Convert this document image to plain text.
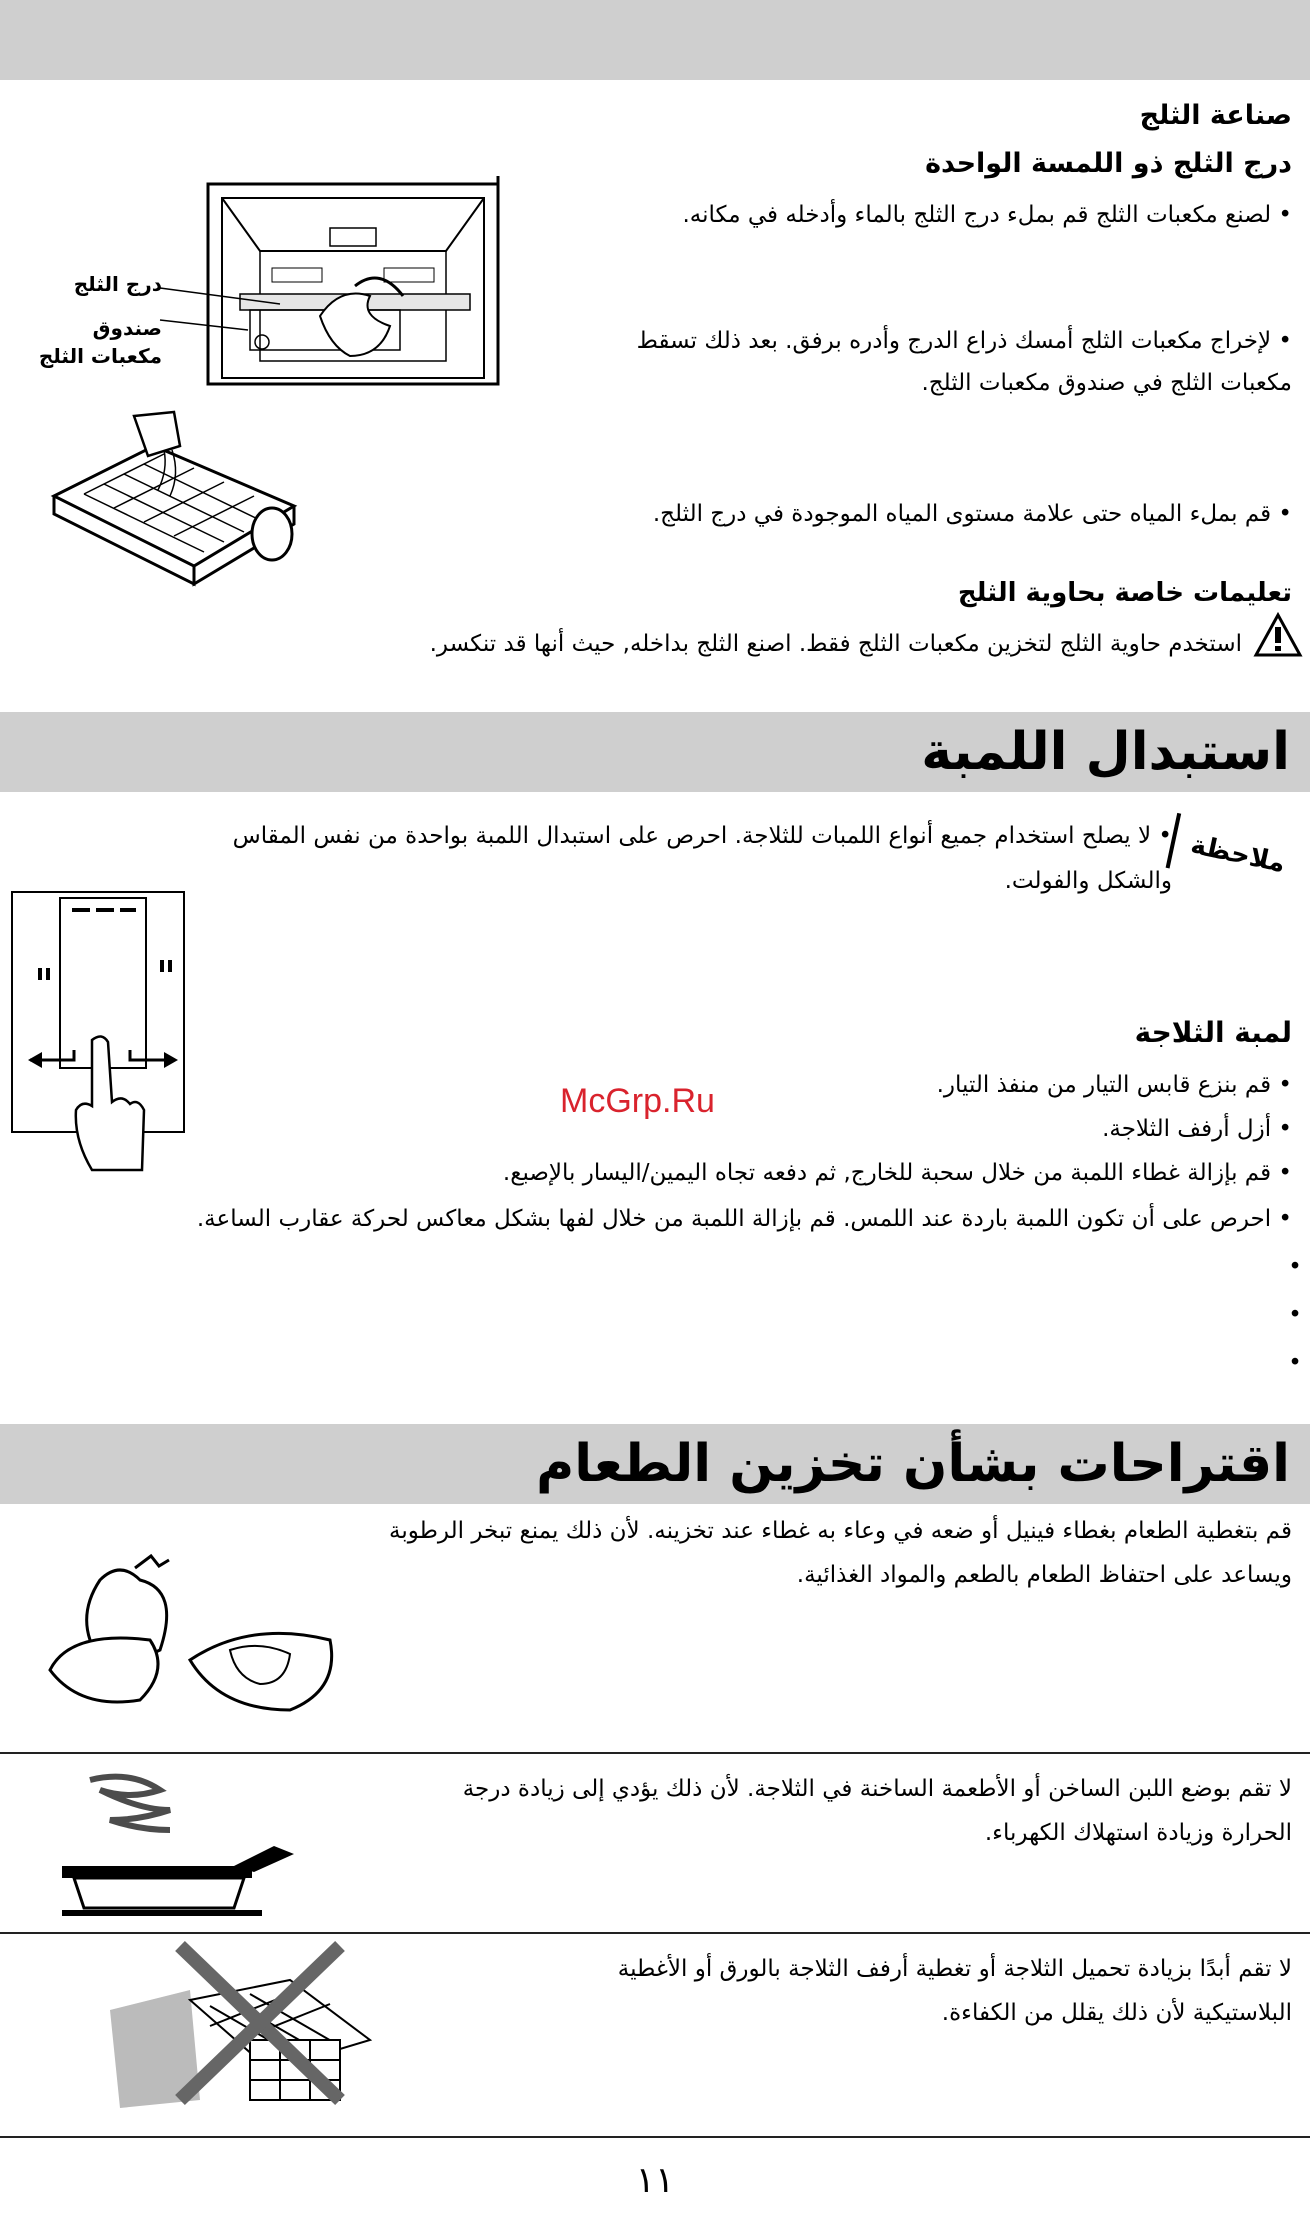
صناعة الثلج
درج الثلج ذو اللمسة الواحدة
• لصنع مكعبات الثلج قم بملء درج الثلج بالماء وأدخله في مكانه.
• لإخراج مكعبات الثلج أمسك ذراع الدرج وأدره برفق. بعد ذلك تسقط
مكعبات الثلج في صندوق مكعبات الثلج.
• قم بملء المياه حتى علامة مستوى المياه الموجودة في درج الثلج.
درج الثلج
صندوق
مكعبات الثلج
تعليمات خاصة بحاوية الثلج
استخدم حاوية الثلج لتخزين مكعبات الثلج فقط. اصنع الثلج بداخله, حيث أنها قد تنكسر.
استبدال اللمبة
ملاحظة
• لا يصلح استخدام جميع أنواع اللمبات للثلاجة. احرص على استبدال اللمبة بواحدة من نفس المقاس
والشكل والفولت.
لمبة الثلاجة
• قم بنزع قابس التيار من منفذ التيار.
• أزل أرفف الثلاجة.
• قم بإزالة غطاء اللمبة من خلال سحبة للخارج, ثم دفعه تجاه اليمين/اليسار بالإصبع.
• احرص على أن تكون اللمبة باردة عند اللمس. قم بإزالة اللمبة من خلال لفها بشكل معاكس لحركة عقارب الساعة.
•
•
•
McGrp.Ru
اقتراحات بشأن تخزين الطعام
قم بتغطية الطعام بغطاء فينيل أو ضعه في وعاء به غطاء عند تخزينه. لأن ذلك يمنع تبخر الرطوبة
ويساعد على احتفاظ الطعام بالطعم والمواد الغذائية.
لا تقم بوضع اللبن الساخن أو الأطعمة الساخنة في الثلاجة. لأن ذلك يؤدي إلى زيادة درجة
الحرارة وزيادة استهلاك الكهرباء.
لا تقم أبدًا بزيادة تحميل الثلاجة أو تغطية أرفف الثلاجة بالورق أو الأغطية
البلاستيكية لأن ذلك يقلل من الكفاءة.
١١
